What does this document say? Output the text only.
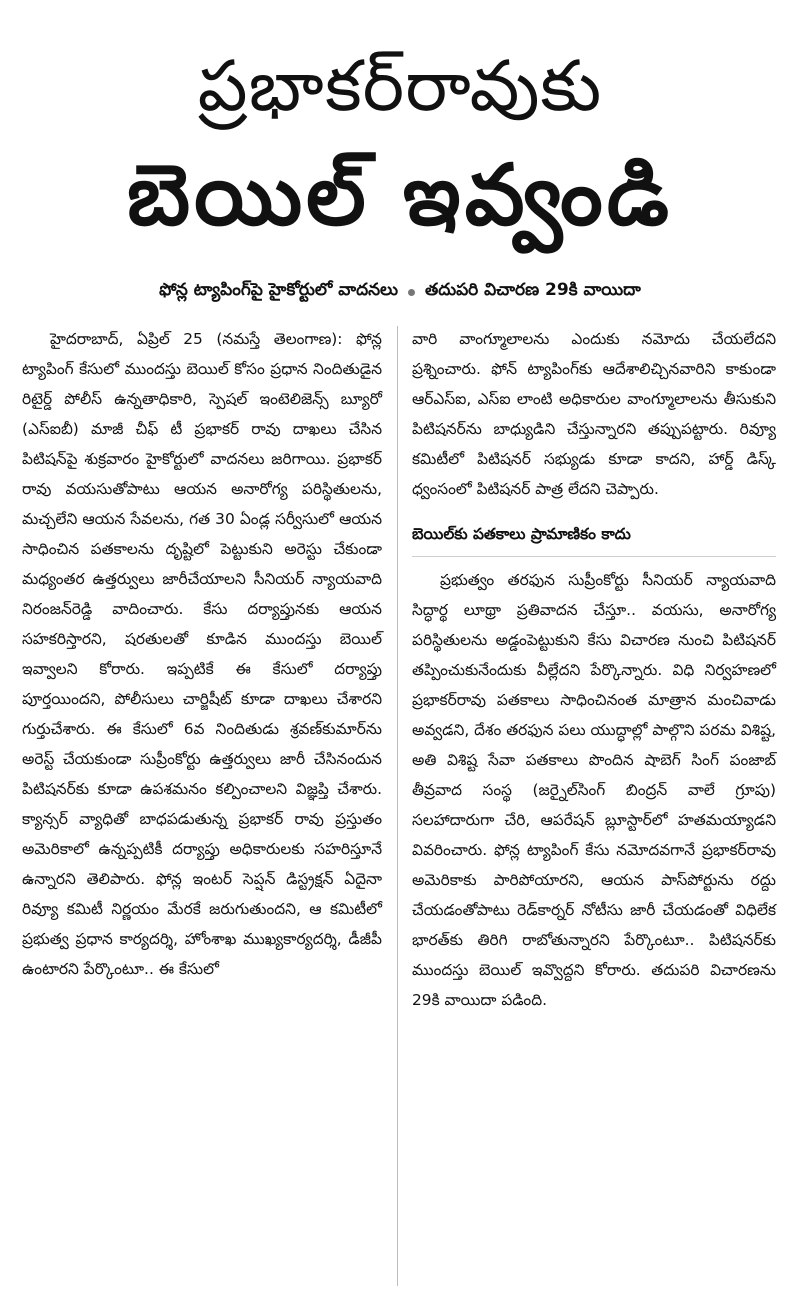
ప్రభాకర్‌రావుకు
బెయిల్ ఇవ్వండి
ఫోన్ల ట్యాపింగ్‌పై హైకోర్టులో వాదనలు తదుపరి విచారణ 29కి వాయిదా

హైదరాబాద్, ఏప్రిల్ 25 (నమస్తే తెలంగాణ): ఫోన్ల ట్యాపింగ్ కేసులో ముందస్తు బెయిల్ కోసం ప్రధాన నిందితుడైన రిటైర్డ్ పోలీస్ ఉన్నతాధికారి, స్పెషల్ ఇంటెలిజెన్స్ బ్యూరో (ఎస్ఐబీ) మాజీ చీఫ్ టీ ప్రభాకర్ రావు దాఖలు చేసిన పిటిషన్‌పై శుక్రవారం హైకోర్టులో వాదనలు జరిగాయి. ప్రభాకర్ రావు వయసుతోపాటు ఆయన అనారోగ్య పరిస్థితులను, మచ్చలేని ఆయన సేవలను, గత 30 ఏండ్ల సర్వీసులో ఆయన సాధించిన పతకాలను దృష్టిలో పెట్టుకుని అరెస్టు చేకుండా మధ్యంతర ఉత్తర్వులు జారీచేయాలని సీనియర్ న్యాయవాది నిరంజన్‌రెడ్డి వాదించారు. కేసు దర్యాప్తునకు ఆయన సహకరిస్తారని, షరతులతో కూడిన ముందస్తు బెయిల్ ఇవ్వాలని కోరారు. ఇప్పటికే ఈ కేసులో దర్యాప్తు పూర్తయిందని, పోలీసులు చార్జిషీట్ కూడా దాఖలు చేశారని గుర్తుచేశారు. ఈ కేసులో 6వ నిందితుడు శ్రవణ్‌కుమార్‌ను అరెస్ట్ చేయకుండా సుప్రీంకోర్టు ఉత్తర్వులు జారీ చేసినందున పిటిషనర్‌కు కూడా ఉపశమనం కల్పించాలని విజ్ఞప్తి చేశారు. క్యాన్సర్ వ్యాధితో బాధపడుతున్న ప్రభాకర్ రావు ప్రస్తుతం అమెరికాలో ఉన్నప్పటికీ దర్యాప్తు అధికారులకు సహరిస్తూనే ఉన్నారని తెలిపారు. ఫోన్ల ఇంటర్ సెప్షన్ డిస్ట్రక్షన్ ఏదైనా రివ్యూ కమిటీ నిర్ణయం మేరకే జరుగుతుందని, ఆ కమిటీలో ప్రభుత్వ ప్రధాన కార్యదర్శి, హోంశాఖ ముఖ్యకార్యదర్శి, డీజీపీ ఉంటారని పేర్కొంటూ.. ఈ కేసులో

వారి వాంగ్మూలాలను ఎందుకు నమోదు చేయలేదని ప్రశ్నించారు. ఫోన్ ట్యాపింగ్‌కు ఆదేశాలిచ్చినవారిని కాకుండా ఆర్ఎస్ఐ, ఎస్ఐ లాంటి అధికారుల వాంగ్మూలాలను తీసుకుని పిటిషనర్‌ను బాధ్యుడిని చేస్తున్నారని తప్పుపట్టారు. రివ్యూ కమిటీలో పిటిషనర్ సభ్యుడు కూడా కాదని, హార్డ్ డిస్క్ ధ్వంసంలో పిటిషనర్ పాత్ర లేదని చెప్పారు.

బెయిల్‌కు పతకాలు ప్రామాణికం కాదు

ప్రభుత్వం తరఫున సుప్రీంకోర్టు సీనియర్ న్యాయవాది సిద్ధార్థ లూథ్రా ప్రతివాదన చేస్తూ.. వయసు, అనారోగ్య పరిస్థితులను అడ్డంపెట్టుకుని కేసు విచారణ నుంచి పిటిషనర్ తప్పించుకునేందుకు వీల్లేదని పేర్కొన్నారు. విధి నిర్వహణలో ప్రభాకర్‌రావు పతకాలు సాధించినంత మాత్రాన మంచివాడు అవ్వడని, దేశం తరఫున పలు యుద్ధాల్లో పాల్గొని పరమ విశిష్ట, అతి విశిష్ట సేవా పతకాలు పొందిన షాబెగ్ సింగ్ పంజాబ్ తీవ్రవాద సంస్థ (జర్నైల్‌సింగ్ బింద్రన్ వాలే గ్రూపు) సలహాదారుగా చేరి, ఆపరేషన్ బ్లూస్టార్‌లో హతమయ్యాడని వివరించారు. ఫోన్ల ట్యాపింగ్ కేసు నమోదవగానే ప్రభాకర్‌రావు అమెరికాకు పారిపోయారని, ఆయన పాస్‌పోర్టును రద్దు చేయడంతోపాటు రెడ్‌కార్నర్ నోటీసు జారీ చేయడంతో విధిలేక భారత్‌కు తిరిగి రాబోతున్నారని పేర్కొంటూ.. పిటిషనర్‌కు ముందస్తు బెయిల్ ఇవ్వొద్దని కోరారు. తదుపరి విచారణను 29కి వాయిదా పడింది.
